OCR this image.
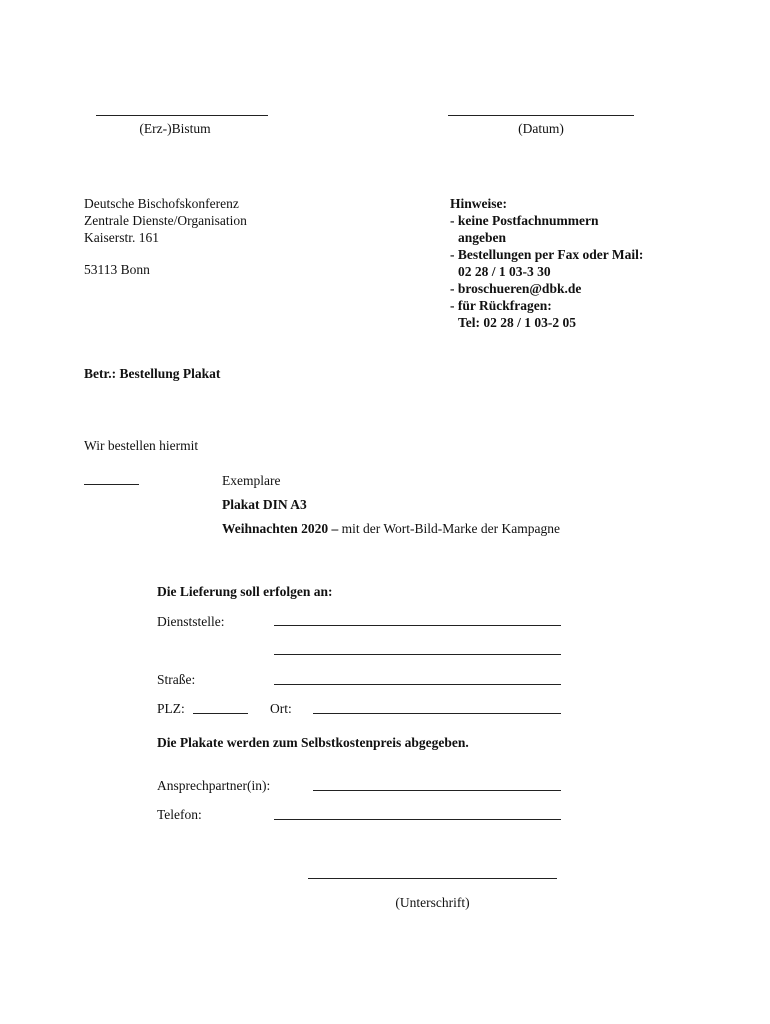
(Erz-)Bistum	(Datum)
Deutsche Bischofskonferenz
Zentrale Dienste/Organisation
Kaiserstr. 161
53113 Bonn
Hinweise:
- keine Postfachnummern
angeben
- Bestellungen per Fax oder Mail:
02 28 / 1 03-3 30
- broschueren@dbk.de
- für Rückfragen:
Tel: 02 28 / 1 03-2 05
Betr.: Bestellung Plakat
Wir bestellen hiermit
Exemplare
Plakat DIN A3
Weihnachten 2020 – mit der Wort-Bild-Marke der Kampagne
Die Lieferung soll erfolgen an:
Dienststelle:
Straße:
PLZ:	Ort:
Die Plakate werden zum Selbstkostenpreis abgegeben.
Ansprechpartner(in):
Telefon:
(Unterschrift)
